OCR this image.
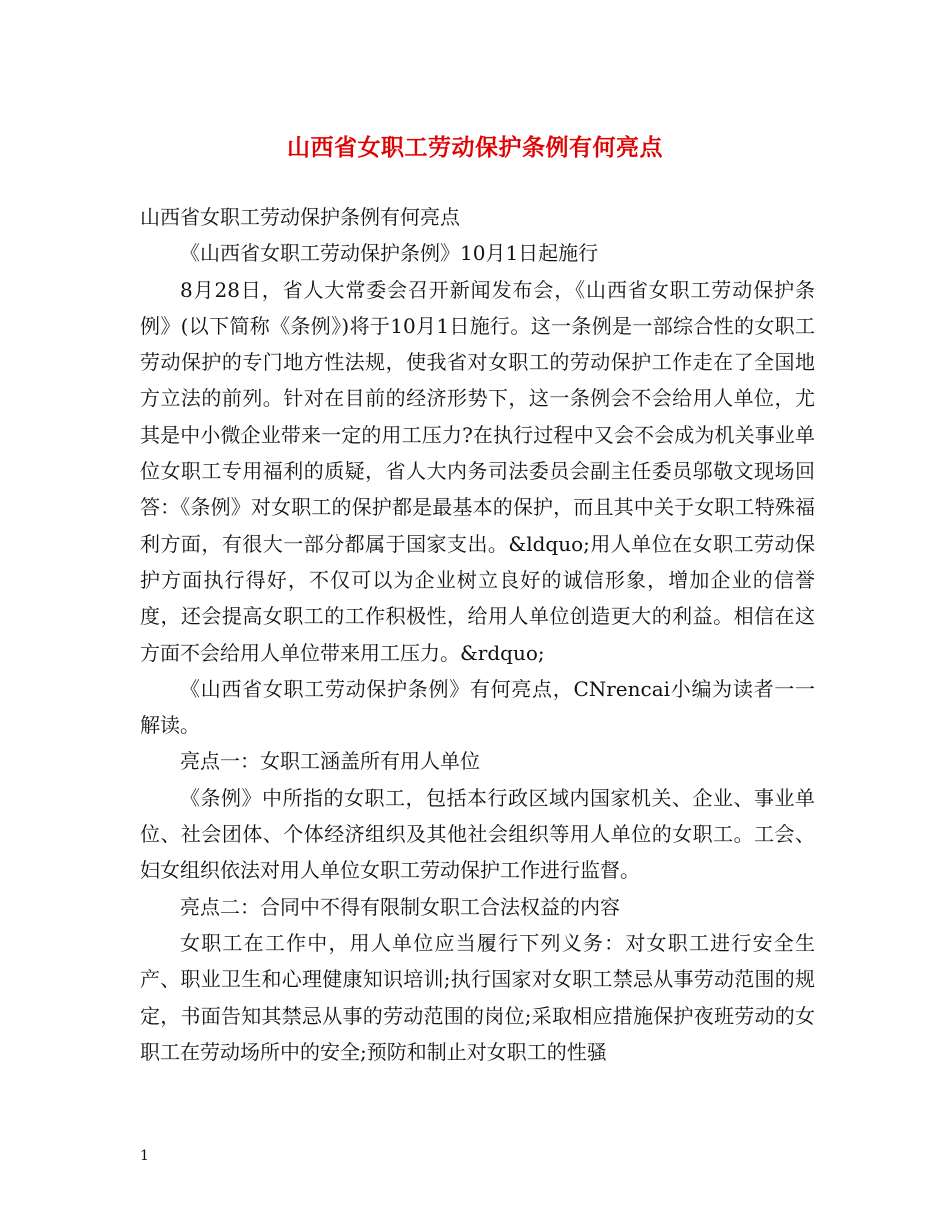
山西省女职工劳动保护条例有何亮点

山西省女职工劳动保护条例有何亮点

《山西省女职工劳动保护条例》10月1日起施行

8月28日，省人大常委会召开新闻发布会，《山西省女职工劳动保护条例》(以下简称《条例》)将于10月1日施行。这一条例是一部综合性的女职工劳动保护的专门地方性法规，使我省对女职工的劳动保护工作走在了全国地方立法的前列。针对在目前的经济形势下，这一条例会不会给用人单位，尤其是中小微企业带来一定的用工压力?在执行过程中又会不会成为机关事业单位女职工专用福利的质疑，省人大内务司法委员会副主任委员邬敬文现场回答：《条例》对女职工的保护都是最基本的保护，而且其中关于女职工特殊福利方面，有很大一部分都属于国家支出。&ldquo;用人单位在女职工劳动保护方面执行得好，不仅可以为企业树立良好的诚信形象，增加企业的信誉度，还会提高女职工的工作积极性，给用人单位创造更大的利益。相信在这方面不会给用人单位带来用工压力。&rdquo;

《山西省女职工劳动保护条例》有何亮点，CNrencai小编为读者一一解读。

亮点一：女职工涵盖所有用人单位

《条例》中所指的女职工，包括本行政区域内国家机关、企业、事业单位、社会团体、个体经济组织及其他社会组织等用人单位的女职工。工会、妇女组织依法对用人单位女职工劳动保护工作进行监督。

亮点二：合同中不得有限制女职工合法权益的内容

女职工在工作中，用人单位应当履行下列义务：对女职工进行安全生产、职业卫生和心理健康知识培训;执行国家对女职工禁忌从事劳动范围的规定，书面告知其禁忌从事的劳动范围的岗位;采取相应措施保护夜班劳动的女职工在劳动场所中的安全;预防和制止对女职工的性骚

1
